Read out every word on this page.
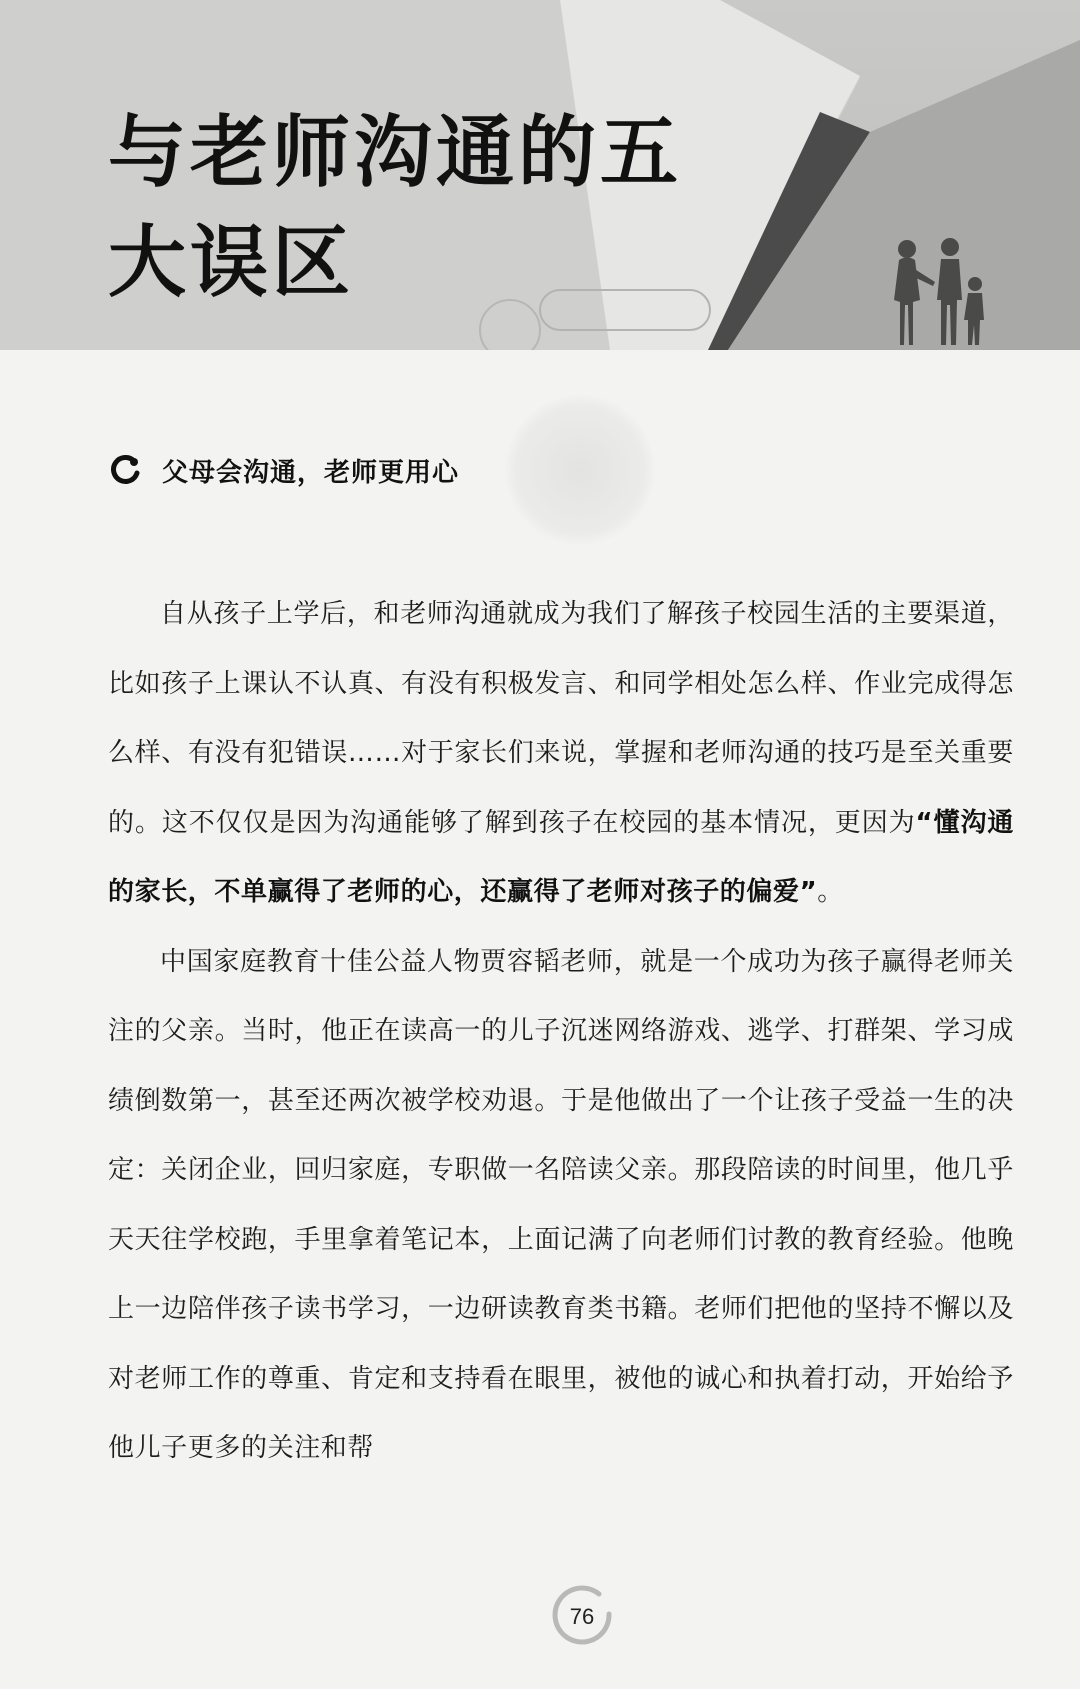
与老师沟通的五
大误区
父母会沟通，老师更用心

自从孩子上学后，和老师沟通就成为我们了解孩子校园生活的主要渠道，比如孩子上课认不认真、有没有积极发言、和同学相处怎么样、作业完成得怎么样、有没有犯错误……对于家长们来说，掌握和老师沟通的技巧是至关重要的。这不仅仅是因为沟通能够了解到孩子在校园的基本情况，更因为“懂沟通的家长，不单赢得了老师的心，还赢得了老师对孩子的偏爱”。

中国家庭教育十佳公益人物贾容韬老师，就是一个成功为孩子赢得老师关注的父亲。当时，他正在读高一的儿子沉迷网络游戏、逃学、打群架、学习成绩倒数第一，甚至还两次被学校劝退。于是他做出了一个让孩子受益一生的决定：关闭企业，回归家庭，专职做一名陪读父亲。那段陪读的时间里，他几乎天天往学校跑，手里拿着笔记本，上面记满了向老师们讨教的教育经验。他晚上一边陪伴孩子读书学习，一边研读教育类书籍。老师们把他的坚持不懈以及对老师工作的尊重、肯定和支持看在眼里，被他的诚心和执着打动，开始给予他儿子更多的关注和帮

76
